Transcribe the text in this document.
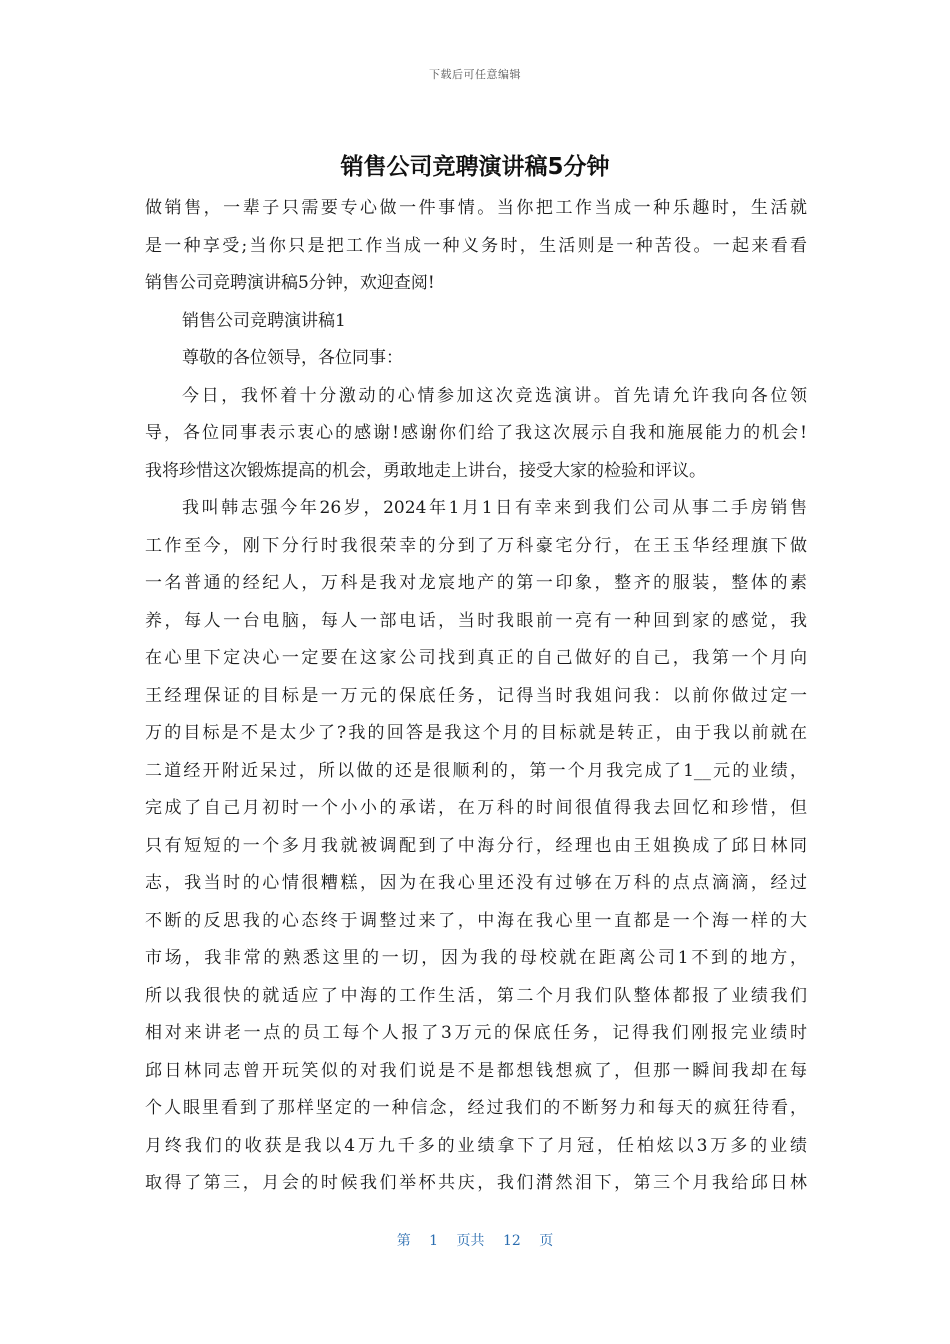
下载后可任意编辑
销售公司竞聘演讲稿5分钟
做销售，一辈子只需要专心做一件事情。当你把工作当成一种乐趣时，生活就
是一种享受;当你只是把工作当成一种义务时，生活则是一种苦役。一起来看看
销售公司竞聘演讲稿5分钟，欢迎查阅!
销售公司竞聘演讲稿1
尊敬的各位领导，各位同事：
今日，我怀着十分激动的心情参加这次竞选演讲。首先请允许我向各位领
导，各位同事表示衷心的感谢!感谢你们给了我这次展示自我和施展能力的机会!
我将珍惜这次锻炼提高的机会，勇敢地走上讲台，接受大家的检验和评议。
我叫韩志强今年26岁，2024年1月1日有幸来到我们公司从事二手房销售
工作至今，刚下分行时我很荣幸的分到了万科豪宅分行，在王玉华经理旗下做
一名普通的经纪人，万科是我对龙宸地产的第一印象，整齐的服装，整体的素
养，每人一台电脑，每人一部电话，当时我眼前一亮有一种回到家的感觉，我
在心里下定决心一定要在这家公司找到真正的自己做好的自己，我第一个月向
王经理保证的目标是一万元的保底任务，记得当时我姐问我：以前你做过定一
万的目标是不是太少了?我的回答是我这个月的目标就是转正，由于我以前就在
二道经开附近呆过，所以做的还是很顺利的，第一个月我完成了1__元的业绩，
完成了自己月初时一个小小的承诺，在万科的时间很值得我去回忆和珍惜，但
只有短短的一个多月我就被调配到了中海分行，经理也由王姐换成了邱日林同
志，我当时的心情很糟糕，因为在我心里还没有过够在万科的点点滴滴，经过
不断的反思我的心态终于调整过来了，中海在我心里一直都是一个海一样的大
市场，我非常的熟悉这里的一切，因为我的母校就在距离公司1不到的地方，
所以我很快的就适应了中海的工作生活，第二个月我们队整体都报了业绩我们
相对来讲老一点的员工每个人报了3万元的保底任务，记得我们刚报完业绩时
邱日林同志曾开玩笑似的对我们说是不是都想钱想疯了，但那一瞬间我却在每
个人眼里看到了那样坚定的一种信念，经过我们的不断努力和每天的疯狂待看，
月终我们的收获是我以4万九千多的业绩拿下了月冠，任柏炫以3万多的业绩
取得了第三，月会的时候我们举杯共庆，我们潸然泪下，第三个月我给邱日林
第 1 页共 12 页
